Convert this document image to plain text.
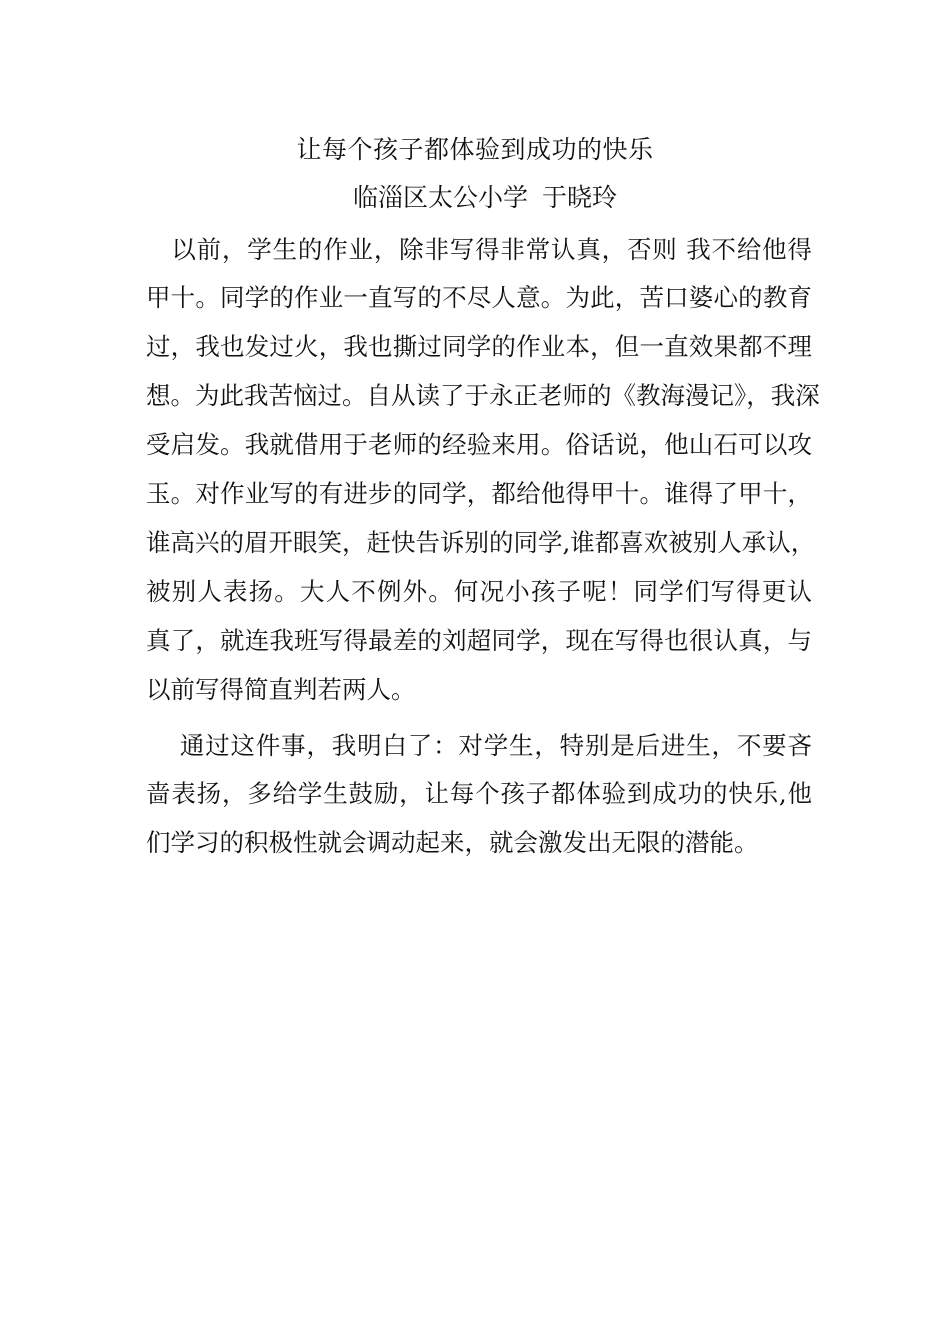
让每个孩子都体验到成功的快乐
临淄区太公小学 于晓玲
　以前，学生的作业，除非写得非常认真，否则 我不给他得
甲十。同学的作业一直写的不尽人意。为此，苦口婆心的教育
过，我也发过火，我也撕过同学的作业本，但一直效果都不理
想。为此我苦恼过。自从读了于永正老师的《教海漫记》，我深
受启发。我就借用于老师的经验来用。俗话说，他山石可以攻
玉。对作业写的有进步的同学，都给他得甲十。谁得了甲十，
谁高兴的眉开眼笑，赶快告诉别的同学,谁都喜欢被别人承认，
被别人表扬。大人不例外。何况小孩子呢！同学们写得更认
真了，就连我班写得最差的刘超同学，现在写得也很认真，与
以前写得简直判若两人。
　 通过这件事，我明白了：对学生，特别是后进生，不要吝
啬表扬，多给学生鼓励，让每个孩子都体验到成功的快乐,他
们学习的积极性就会调动起来，就会激发出无限的潜能。
